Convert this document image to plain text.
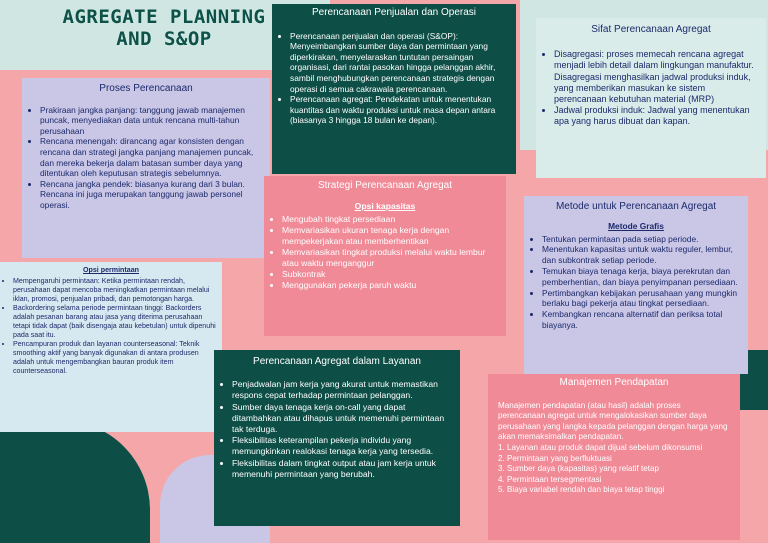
AGREGATE PLANNING
AND S&OP
Proses Perencanaan
• Prakiraan jangka panjang: tanggung jawab manajemen puncak, menyediakan data untuk rencana multi-tahun perusahaan
• Rencana menengah: dirancang agar konsisten dengan rencana dan strategi jangka panjang manajemen puncak, dan mereka bekerja dalam batasan sumber daya yang ditentukan oleh keputusan strategis sebelumnya.
• Rencana jangka pendek: biasanya kurang dari 3 bulan. Rencana ini juga merupakan tanggung jawab personel operasi.
Perencanaan Penjualan dan Operasi
• Perencanaan penjualan dan operasi (S&OP): Menyeimbangkan sumber daya dan permintaan yang diperkirakan, menyelaraskan tuntutan persaingan organisasi, dari rantai pasokan hingga pelanggan akhir, sambil menghubungkan perencanaan strategis dengan operasi di semua cakrawala perencanaan.
• Perencanaan agregat: Pendekatan untuk menentukan kuantitas dan waktu produksi untuk masa depan antara (biasanya 3 hingga 18 bulan ke depan).
Sifat Perencanaan Agregat
• Disagregasi: proses memecah rencana agregat menjadi lebih detail dalam lingkungan manufaktur. Disagregasi menghasilkan jadwal produksi induk, yang memberikan masukan ke sistem perencanaan kebutuhan material (MRP)
• Jadwal produksi induk: Jadwal yang menentukan apa yang harus dibuat dan kapan.
Strategi Perencanaan Agregat
Opsi kapasitas
• Mengubah tingkat persediaan
• Memvariasikan ukuran tenaga kerja dengan mempekerjakan atau memberhentikan
• Memvariasikan tingkat produksi melalui waktu lembur atau waktu menganggur
• Subkontrak
• Menggunakan pekerja paruh waktu
Metode untuk Perencanaan Agregat
Metode Grafis
• Tentukan permintaan pada setiap periode.
• Menentukan kapasitas untuk waktu reguler, lembur, dan subkontrak setiap periode.
• Temukan biaya tenaga kerja, biaya perekrutan dan pemberhentian, dan biaya penyimpanan persediaan.
• Pertimbangkan kebijakan perusahaan yang mungkin berlaku bagi pekerja atau tingkat persediaan.
• Kembangkan rencana alternatif dan periksa total biayanya.
Opsi permintaan
• Mempengaruhi permintaan: Ketika permintaan rendah, perusahaan dapat mencoba meningkatkan permintaan melalui iklan, promosi, penjualan pribadi, dan pemotongan harga.
• Backordering selama periode permintaan tinggi: Backorders adalah pesanan barang atau jasa yang diterima perusahaan tetapi tidak dapat (baik disengaja atau kebetulan) untuk dipenuhi pada saat itu.
• Pencampuran produk dan layanan counterseasonal: Teknik smoothing aktif yang banyak digunakan di antara produsen adalah untuk mengembangkan bauran produk item counterseasonal.
Perencanaan Agregat dalam Layanan
• Penjadwalan jam kerja yang akurat untuk memastikan respons cepat terhadap permintaan pelanggan.
• Sumber daya tenaga kerja on-call yang dapat ditambahkan atau dihapus untuk memenuhi permintaan tak terduga.
• Fleksibilitas keterampilan pekerja individu yang memungkinkan realokasi tenaga kerja yang tersedia.
• Fleksibilitas dalam tingkat output atau jam kerja untuk memenuhi permintaan yang berubah.
Manajemen Pendapatan
Manajemen pendapatan (atau hasil) adalah proses perencanaan agregat untuk mengalokasikan sumber daya perusahaan yang langka kepada pelanggan dengan harga yang akan memaksimalkan pendapatan.
1. Layanan atau produk dapat dijual sebelum dikonsumsi
2. Permintaan yang berfluktuasi
3. Sumber daya (kapasitas) yang relatif tetap
4. Permintaan tersegmentasi
5. Biaya variabel rendah dan biaya tetap tinggi
